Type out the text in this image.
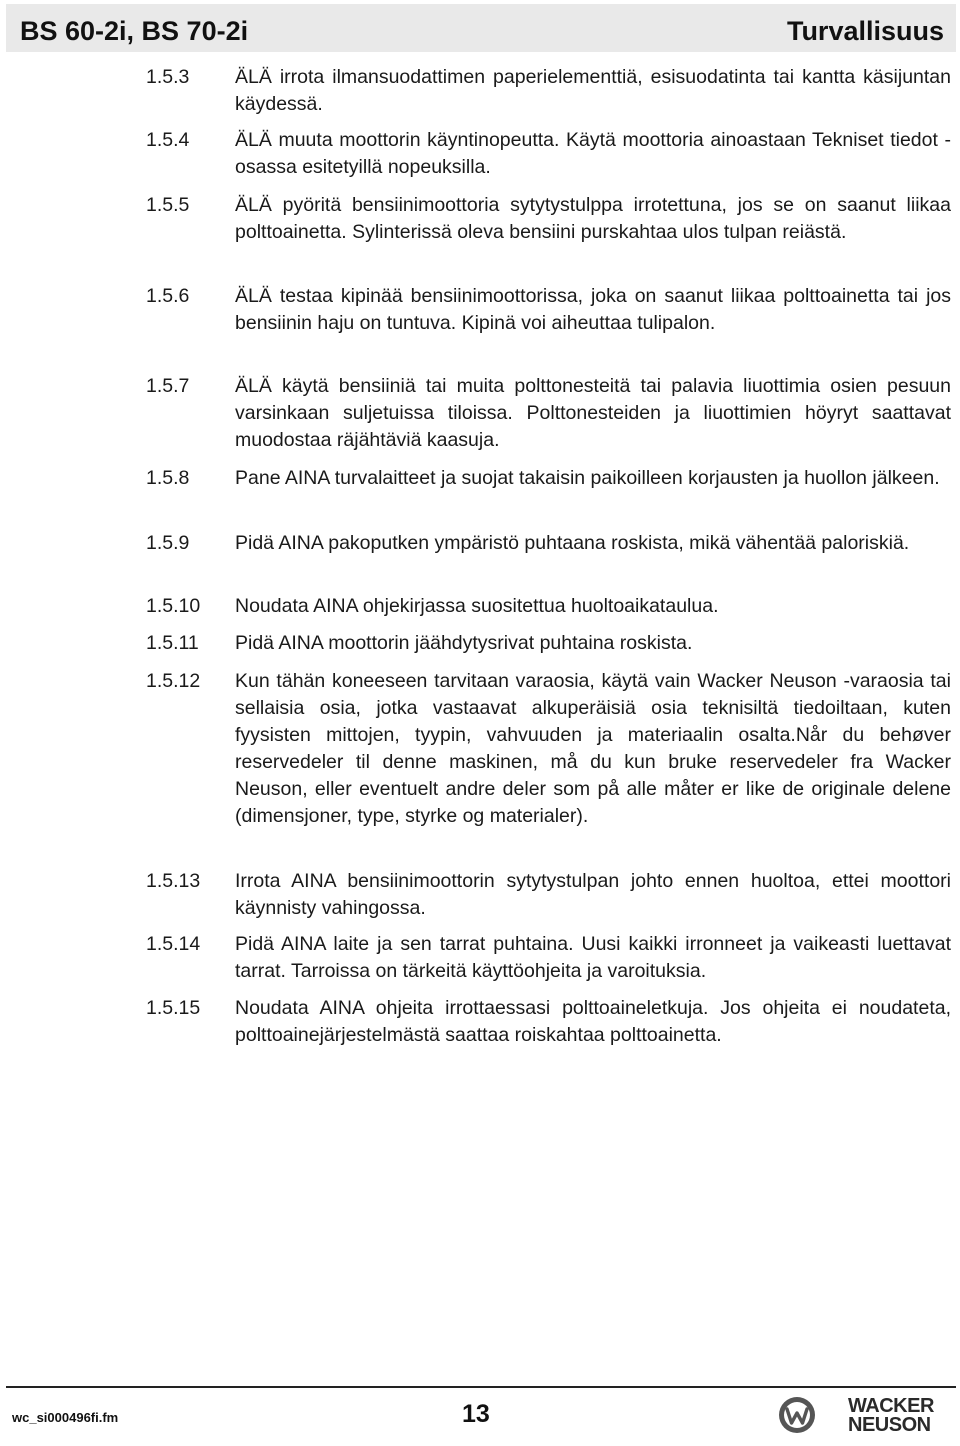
BS 60-2i, BS 70-2i	Turvallisuus
1.5.3 ÄLÄ irrota ilmansuodattimen paperielementtiä, esisuodatinta tai kantta käsijuntan käydessä.
1.5.4 ÄLÄ muuta moottorin käyntinopeutta. Käytä moottoria ainoastaan Tekniset tiedot -osassa esitetyillä nopeuksilla.
1.5.5 ÄLÄ pyöritä bensiinimoottoria sytytystulppa irrotettuna, jos se on saanut liikaa polttoainetta. Sylinterissä oleva bensiini purskahtaa ulos tulpan reiästä.
1.5.6 ÄLÄ testaa kipinää bensiinimoottorissa, joka on saanut liikaa polttoainetta tai jos bensiinin haju on tuntuva. Kipinä voi aiheuttaa tulipalon.
1.5.7 ÄLÄ käytä bensiiniä tai muita polttonesteitä tai palavia liuottimia osien pesuun varsinkaan suljetuissa tiloissa. Polttonesteiden ja liuottimien höyryt saattavat muodostaa räjähtäviä kaasuja.
1.5.8 Pane AINA turvalaitteet ja suojat takaisin paikoilleen korjausten ja huollon jälkeen.
1.5.9 Pidä AINA pakoputken ympäristö puhtaana roskista, mikä vähentää paloriskiä.
1.5.10 Noudata AINA ohjekirjassa suositettua huoltoaikataulua.
1.5.11 Pidä AINA moottorin jäähdytysrivat puhtaina roskista.
1.5.12 Kun tähän koneeseen tarvitaan varaosia, käytä vain Wacker Neuson -varaosia tai sellaisia osia, jotka vastaavat alkuperäisiä osia teknisiltä tiedoiltaan, kuten fyysisten mittojen, tyypin, vahvuuden ja materiaalin osalta.Når du behøver reservedeler til denne maskinen, må du kun bruke reservedeler fra Wacker Neuson, eller eventuelt andre deler som på alle måter er like de originale delene (dimensjoner, type, styrke og materialer).
1.5.13 Irrota AINA bensiinimoottorin sytytystulpan johto ennen huoltoa, ettei moottori käynnisty vahingossa.
1.5.14 Pidä AINA laite ja sen tarrat puhtaina. Uusi kaikki irronneet ja vaikeasti luettavat tarrat. Tarroissa on tärkeitä käyttöohjeita ja varoituksia.
1.5.15 Noudata AINA ohjeita irrottaessasi polttoaineletkuja. Jos ohjeita ei noudateta, polttoainejärjestelmästä saattaa roiskahtaa polttoainetta.
wc_si000496fi.fm	13	WACKER
NEUSON
